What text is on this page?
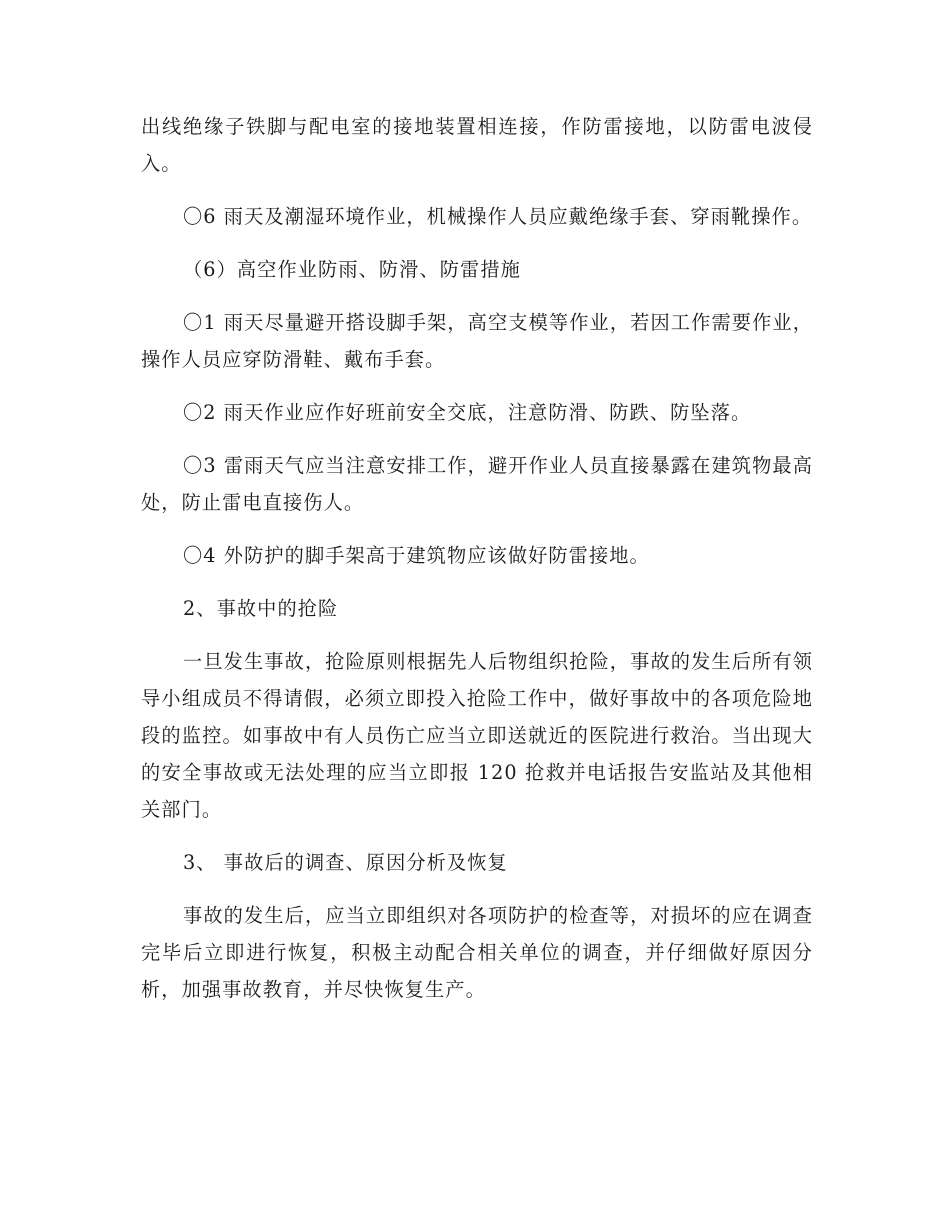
出线绝缘子铁脚与配电室的接地装置相连接，作防雷接地，以防雷电波侵入。

〇6 雨天及潮湿环境作业，机械操作人员应戴绝缘手套、穿雨靴操作。

（6）高空作业防雨、防滑、防雷措施

〇1 雨天尽量避开搭设脚手架，高空支模等作业，若因工作需要作业，操作人员应穿防滑鞋、戴布手套。

〇2 雨天作业应作好班前安全交底，注意防滑、防跌、防坠落。

〇3 雷雨天气应当注意安排工作，避开作业人员直接暴露在建筑物最高处，防止雷电直接伤人。

〇4 外防护的脚手架高于建筑物应该做好防雷接地。

2、事故中的抢险

一旦发生事故，抢险原则根据先人后物组织抢险，事故的发生后所有领导小组成员不得请假，必须立即投入抢险工作中，做好事故中的各项危险地段的监控。如事故中有人员伤亡应当立即送就近的医院进行救治。当出现大的安全事故或无法处理的应当立即报 120 抢救并电话报告安监站及其他相关部门。

3、 事故后的调查、原因分析及恢复

事故的发生后，应当立即组织对各项防护的检查等，对损坏的应在调查完毕后立即进行恢复，积极主动配合相关单位的调查，并仔细做好原因分析，加强事故教育，并尽快恢复生产。
